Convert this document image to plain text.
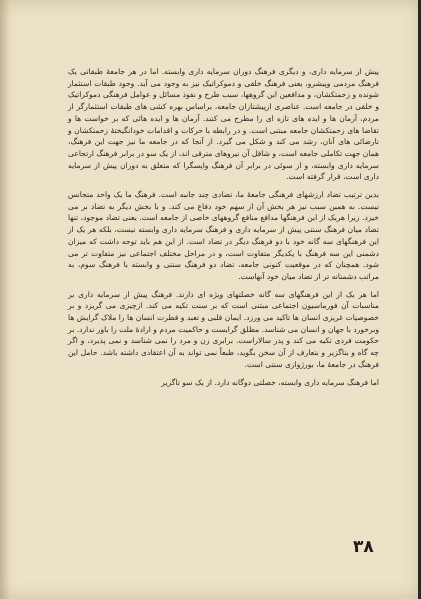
پیش از سرمایه داری، و دیگری فرهنگ دوران سرمایه داری وابسته. اما در هر جامعۀ طبقاتی یک فرهنگ مردمی وپیشرو، یعنی فرهنگ خلقی و دموکراتیک نیز به وجود می آید. وجود طبقات استثمار شونده و زحمتکشان، و مدافعین این گروهها، سبب طرح و نفوذ مسائل و عوامل فرهنگی دموکراتیک و خلقی در جامعه است. عناصری ازپیشتازان جامعه، براساس بهره کشی های طبقات استثمارگر از مردم، آرمان ها و ایده های تازه ای را مطرح می کنند. آرمان ها و ایده هائی که بر خواست ها و تقاضا های زحمتکشان جامعه مبتنی است. و در رابطه با حرکات و اقدامات خودانگیختۀ زحمتکشان و نارضائی های آنان، رشد می کند و شکل می گیرد. از آنجا که در جامعه ما نیز جهت این فرهنگ، همان جهت تکاملی جامعه است، و شاقل آن نیروهای مترقی اند، از یک سو در برابر فرهنگ ارتجاعی سرمایه داری وابسته، و از سوئی در برابر آن فرهنگ واپسگرا که متعلق به دوران پیش از سرمایه داری است، قرار گرفته است.

بدین ترتیب تضاد ارزشهای فرهنگی جامعۀ ما، تضادی چند جانبه است. فرهنگ ما یک واحد متجانس نیست. به همین سبب نیز هر بخش آن از سهم خود دفاع می کند. و با بخش دیگر به تضاد بر می خیزد. زیرا هریک از این فرهنگها مدافع منافع گروههای خاصی از جامعه است. یعنی تضاد موجود، تنها تضاد میان فرهنگ سنتی پیش از سرمایه داری و فرهنگ سرمایه داری وابسته نیست، بلکه هر یک از این فرهنگهای سه گانه خود با دو فرهنگ دیگر در تضاد است. از این هم باید توجه داشت که میزان دشمنی این سه فرهنگ با یکدیگر متفاوت است، و در مراحل مختلف اجتماعی نیز متفاوت تر می شود. همچنان که در موقعیت کنونی جامعه، تضاد دو فرهنگ سنتی و وابسته با فرهنگ سوم، به مراتب دشمنانه تر از تضاد میان خود آنهاست.

اما هر یک از این فرهنگهای سه گانه خصلتهای ویژه ای دارند. فرهنگ پیش از سرمایه داری بر مناسبات آن فورماسیون اجتماعی مبتنی است که بر سنت تکیه می کند. ازچیزی می گریزد و بر خصوصیات غریزی انسان ها تاکید می ورزد. ایمان قلبی و تعبد و فطرت انسان ها را ملاک گرایش ها وبرخورد با جهان و انسان می شناسد. مطلق گرایست و حاکمیت مردم و ارادۀ ملت را باور ندارد. بر حکومت فردی تکیه می کند و پدر سالاراست. برابری زن و مرد را نمی شناسد و نمی پذیرد، و اگر چه گاه و بناگزیر و بتعارف از آن سخن بگوید، طبعاً نمی تواند به آن اعتقادی داشته باشد. حامل این فرهنگ در جامعۀ ما، بورژوازی سنتی است.

اما فرهنگ سرمایه داری وابسته، خصلتی دوگانه دارد. از یک سو تاگزیر

۳۸
